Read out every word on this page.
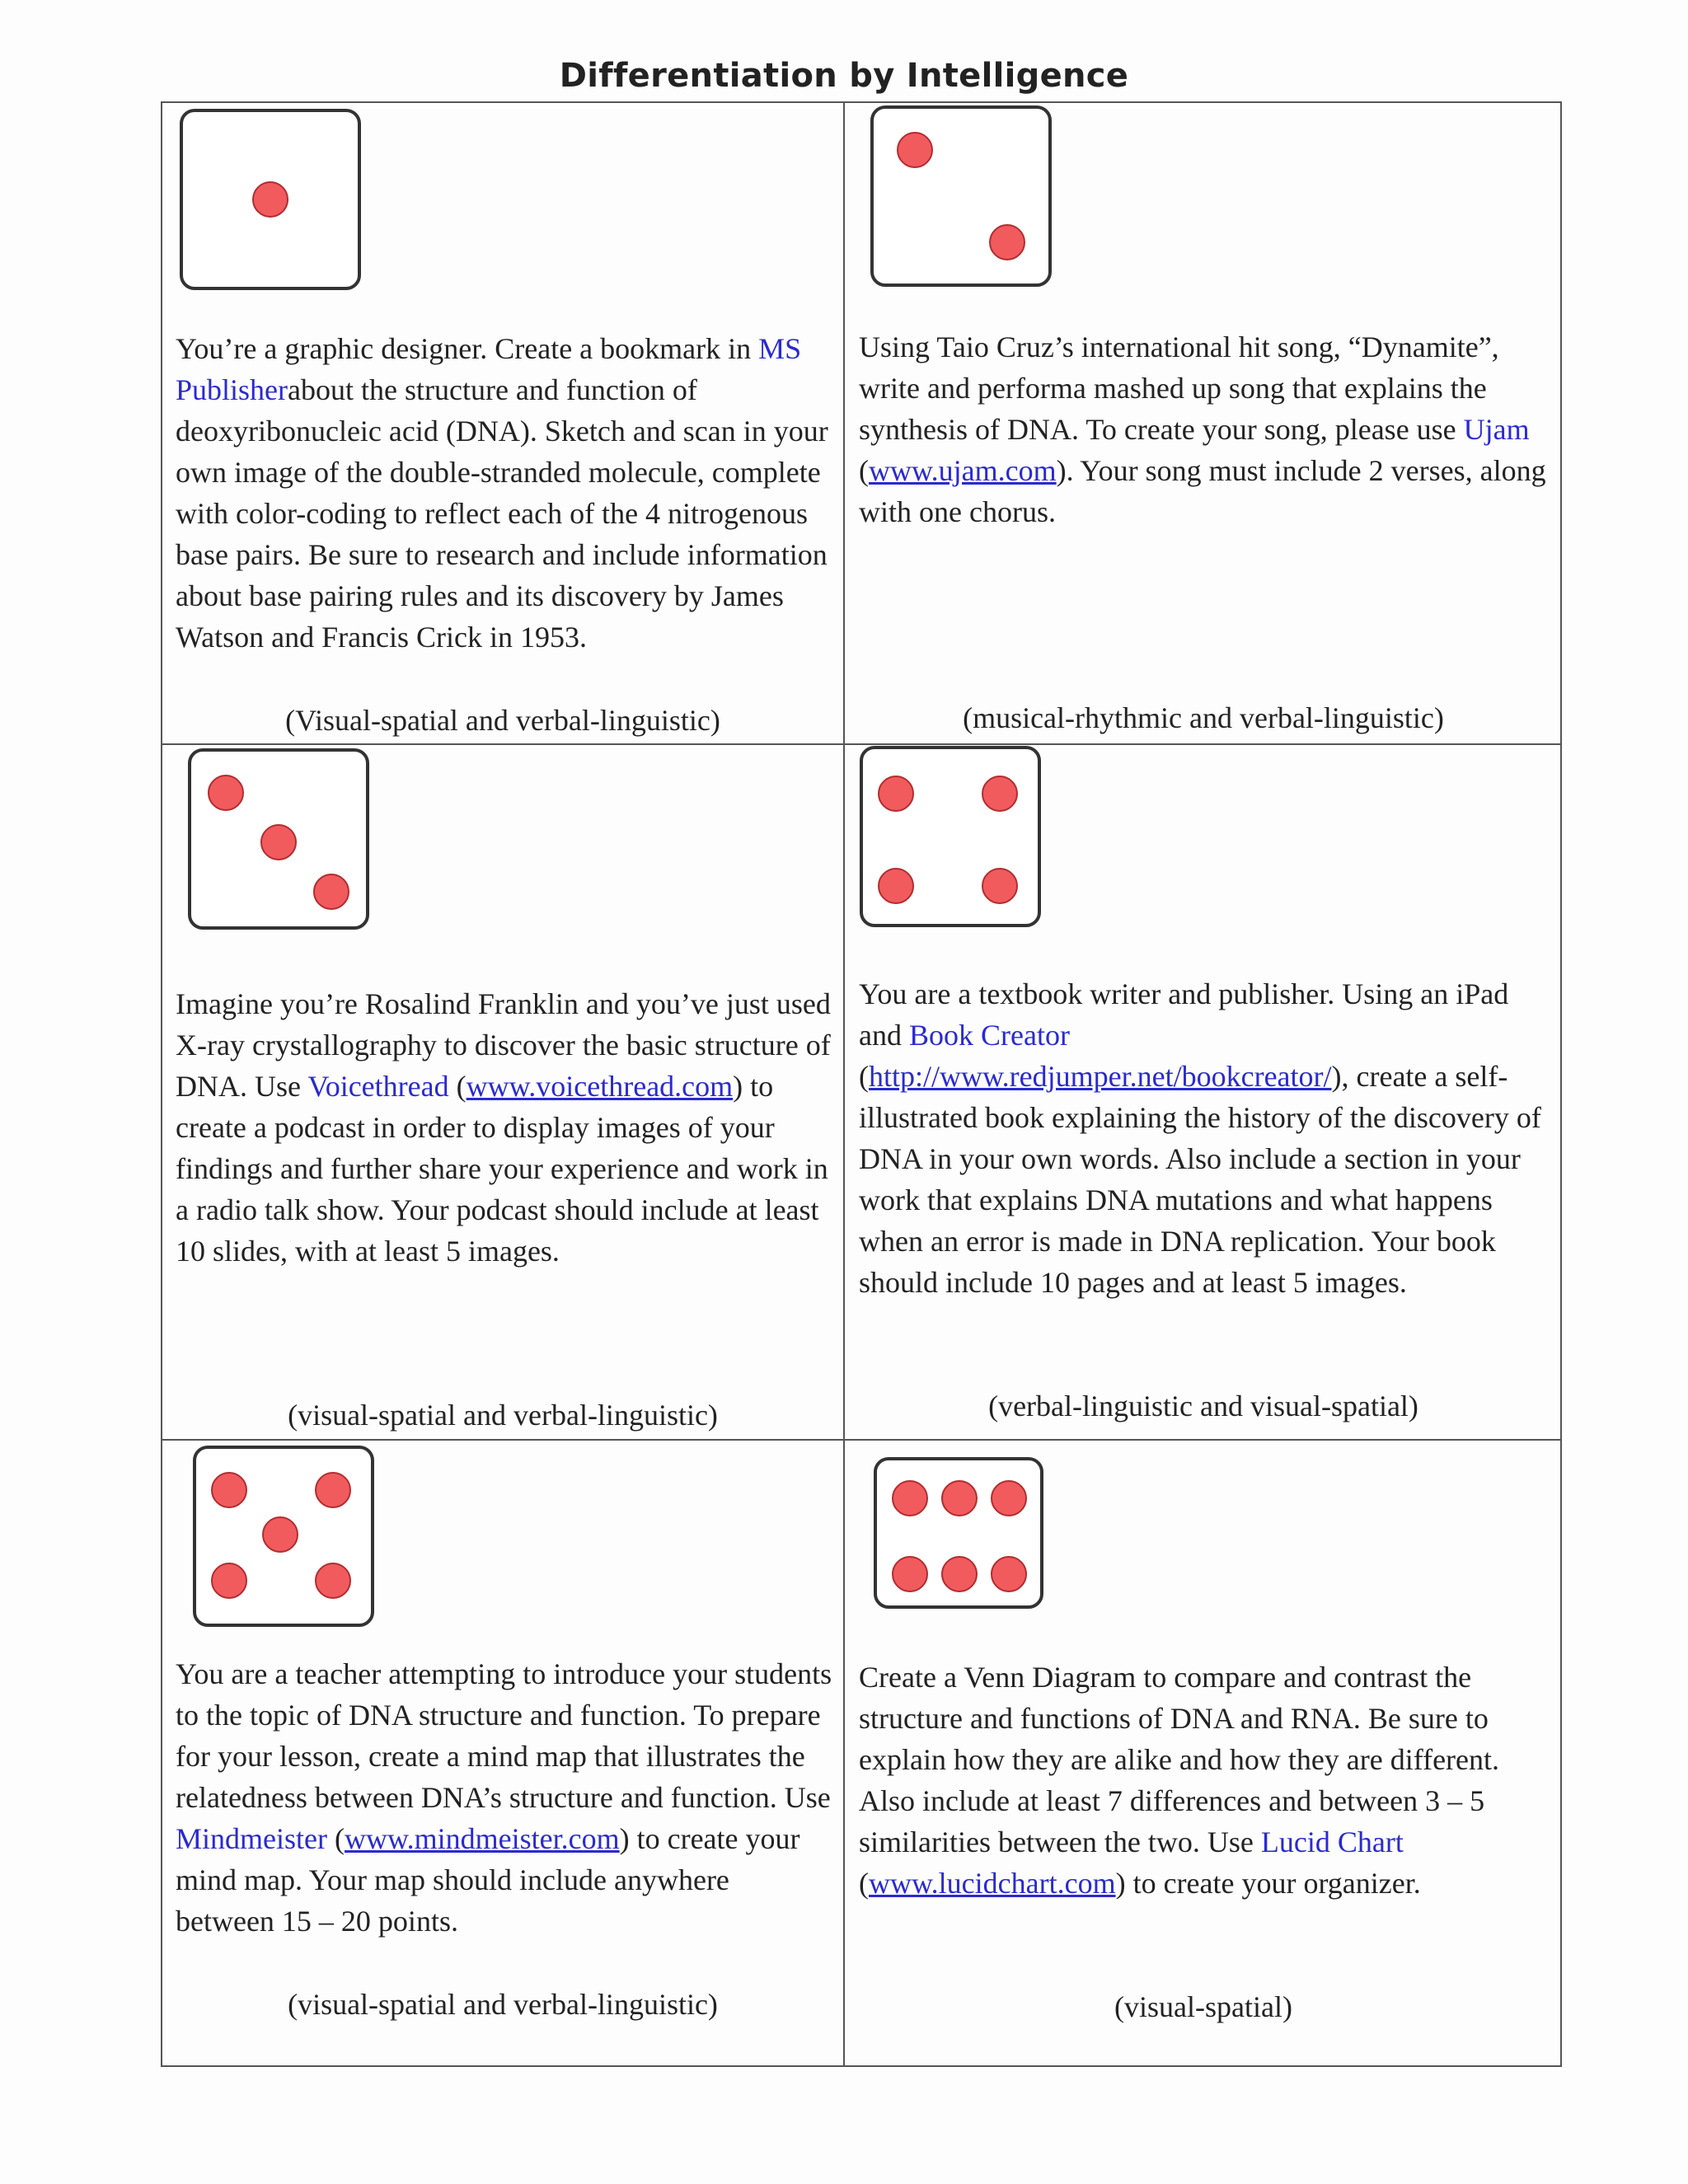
Differentiation by Intelligence

You’re a graphic designer. Create a bookmark in MS Publisherabout the structure and function of deoxyribonucleic acid (DNA). Sketch and scan in your own image of the double-stranded molecule, complete with color-coding to reflect each of the 4 nitrogenous base pairs. Be sure to research and include information about base pairing rules and its discovery by James Watson and Francis Crick in 1953.

(Visual-spatial and verbal-linguistic)

Using Taio Cruz’s international hit song, “Dynamite”, write and performa mashed up song that explains the synthesis of DNA. To create your song, please use Ujam (www.ujam.com). Your song must include 2 verses, along with one chorus.

(musical-rhythmic and verbal-linguistic)

Imagine you’re Rosalind Franklin and you’ve just used X-ray crystallography to discover the basic structure of DNA. Use Voicethread (www.voicethread.com) to create a podcast in order to display images of your findings and further share your experience and work in a radio talk show. Your podcast should include at least 10 slides, with at least 5 images.

(visual-spatial and verbal-linguistic)

You are a textbook writer and publisher. Using an iPad and Book Creator (http://www.redjumper.net/bookcreator/), create a self-illustrated book explaining the history of the discovery of DNA in your own words. Also include a section in your work that explains DNA mutations and what happens when an error is made in DNA replication. Your book should include 10 pages and at least 5 images.

(verbal-linguistic and visual-spatial)

You are a teacher attempting to introduce your students to the topic of DNA structure and function. To prepare for your lesson, create a mind map that illustrates the relatedness between DNA’s structure and function. Use Mindmeister (www.mindmeister.com) to create your mind map. Your map should include anywhere between 15 – 20 points.

(visual-spatial and verbal-linguistic)

Create a Venn Diagram to compare and contrast the structure and functions of DNA and RNA. Be sure to explain how they are alike and how they are different. Also include at least 7 differences and between 3 – 5 similarities between the two. Use Lucid Chart (www.lucidchart.com) to create your organizer.

(visual-spatial)
